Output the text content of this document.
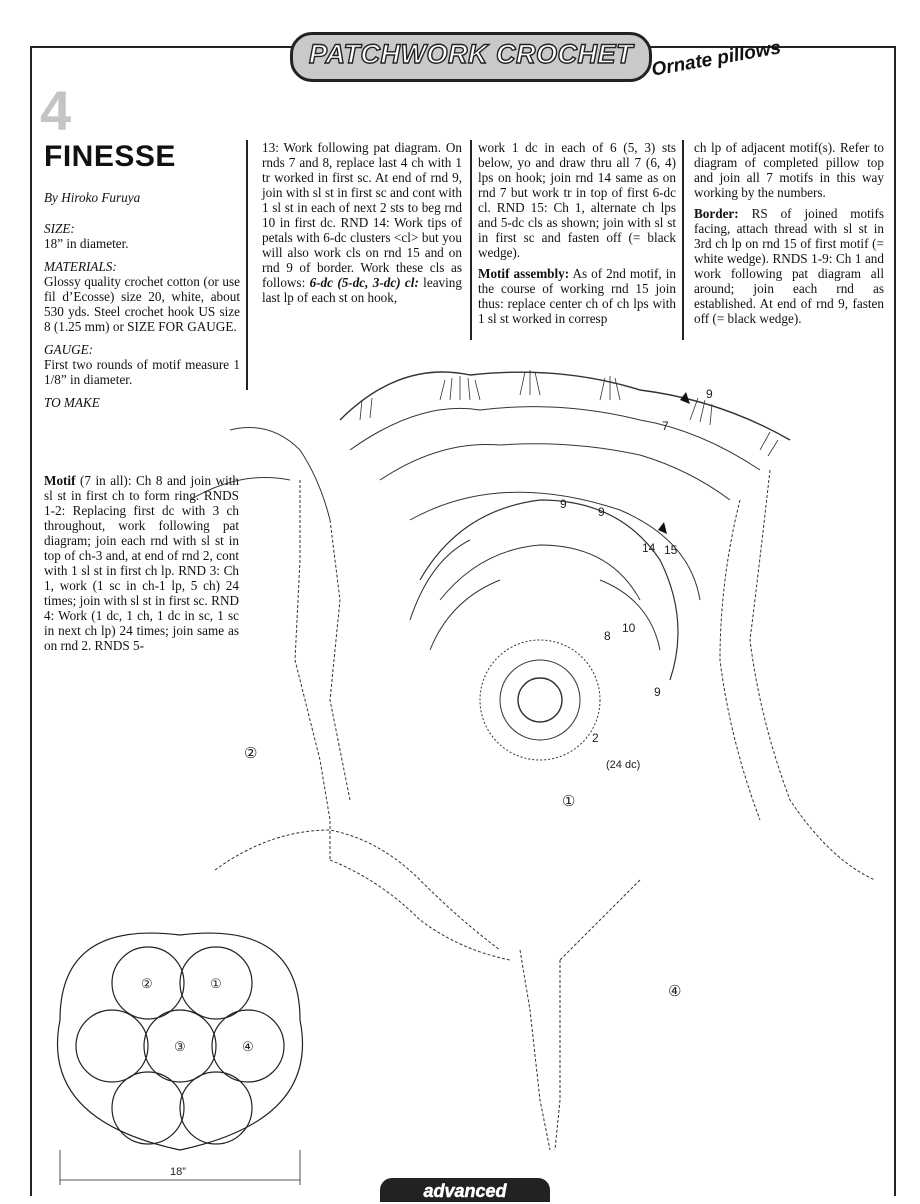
PATCHWORK CROCHET Ornate pillows
4
FINESSE

By Hiroko Furuya

SIZE:

18” in diameter.

MATERIALS:

Glossy quality crochet cotton (or use fil d’Ecosse) size 20, white, about 530 yds. Steel crochet hook US size 8 (1.25 mm) or SIZE FOR GAUGE.

GAUGE:

First two rounds of motif measure 1 1/8” in diameter.

TO MAKE

Motif (7 in all): Ch 8 and join with sl st in first ch to form ring. RNDS 1-2: Replacing first dc with 3 ch throughout, work following pat diagram; join each rnd with sl st in top of ch-3 and, at end of rnd 2, cont with 1 sl st in first ch lp. RND 3: Ch 1, work (1 sc in ch-1 lp, 5 ch) 24 times; join with sl st in first sc. RND 4: Work (1 dc, 1 ch, 1 dc in sc, 1 sc in next ch lp) 24 times; join same as on rnd 2. RNDS 5-

13: Work following pat diagram. On rnds 7 and 8, replace last 4 ch with 1 tr worked in first sc. At end of rnd 9, join with sl st in first sc and cont with 1 sl st in each of next 2 sts to beg rnd 10 in first dc. RND 14: Work tips of petals with 6-dc clusters <cl> but you will also work cls on rnd 15 and on rnd 9 of border. Work these cls as follows: 6-dc (5-dc, 3-dc) cl: leaving last lp of each st on hook,

work 1 dc in each of 6 (5, 3) sts below, yo and draw thru all 7 (6, 4) lps on hook; join rnd 14 same as on rnd 7 but work tr in top of first 6-dc cl. RND 15: Ch 1, alternate ch lps and 5-dc cls as shown; join with sl st in first sc and fasten off (= black wedge).

Motif assembly: As of 2nd motif, in the course of working rnd 15 join thus: replace center ch of ch lps with 1 sl st worked in corresp

ch lp of adjacent motif(s). Refer to diagram of completed pillow top and join all 7 motifs in this way working by the numbers.

Border: RS of joined motifs facing, attach thread with sl st in 3rd ch lp on rnd 15 of first motif (= white wedge). RNDS 1-9: Ch 1 and work following pat diagram all around; join each rnd as established. At end of rnd 9, fasten off (= black wedge).

9
9
9
9
15
14
10
8
7
2
(24 dc)
①
②
④
②	①
③	④
18”
advanced
